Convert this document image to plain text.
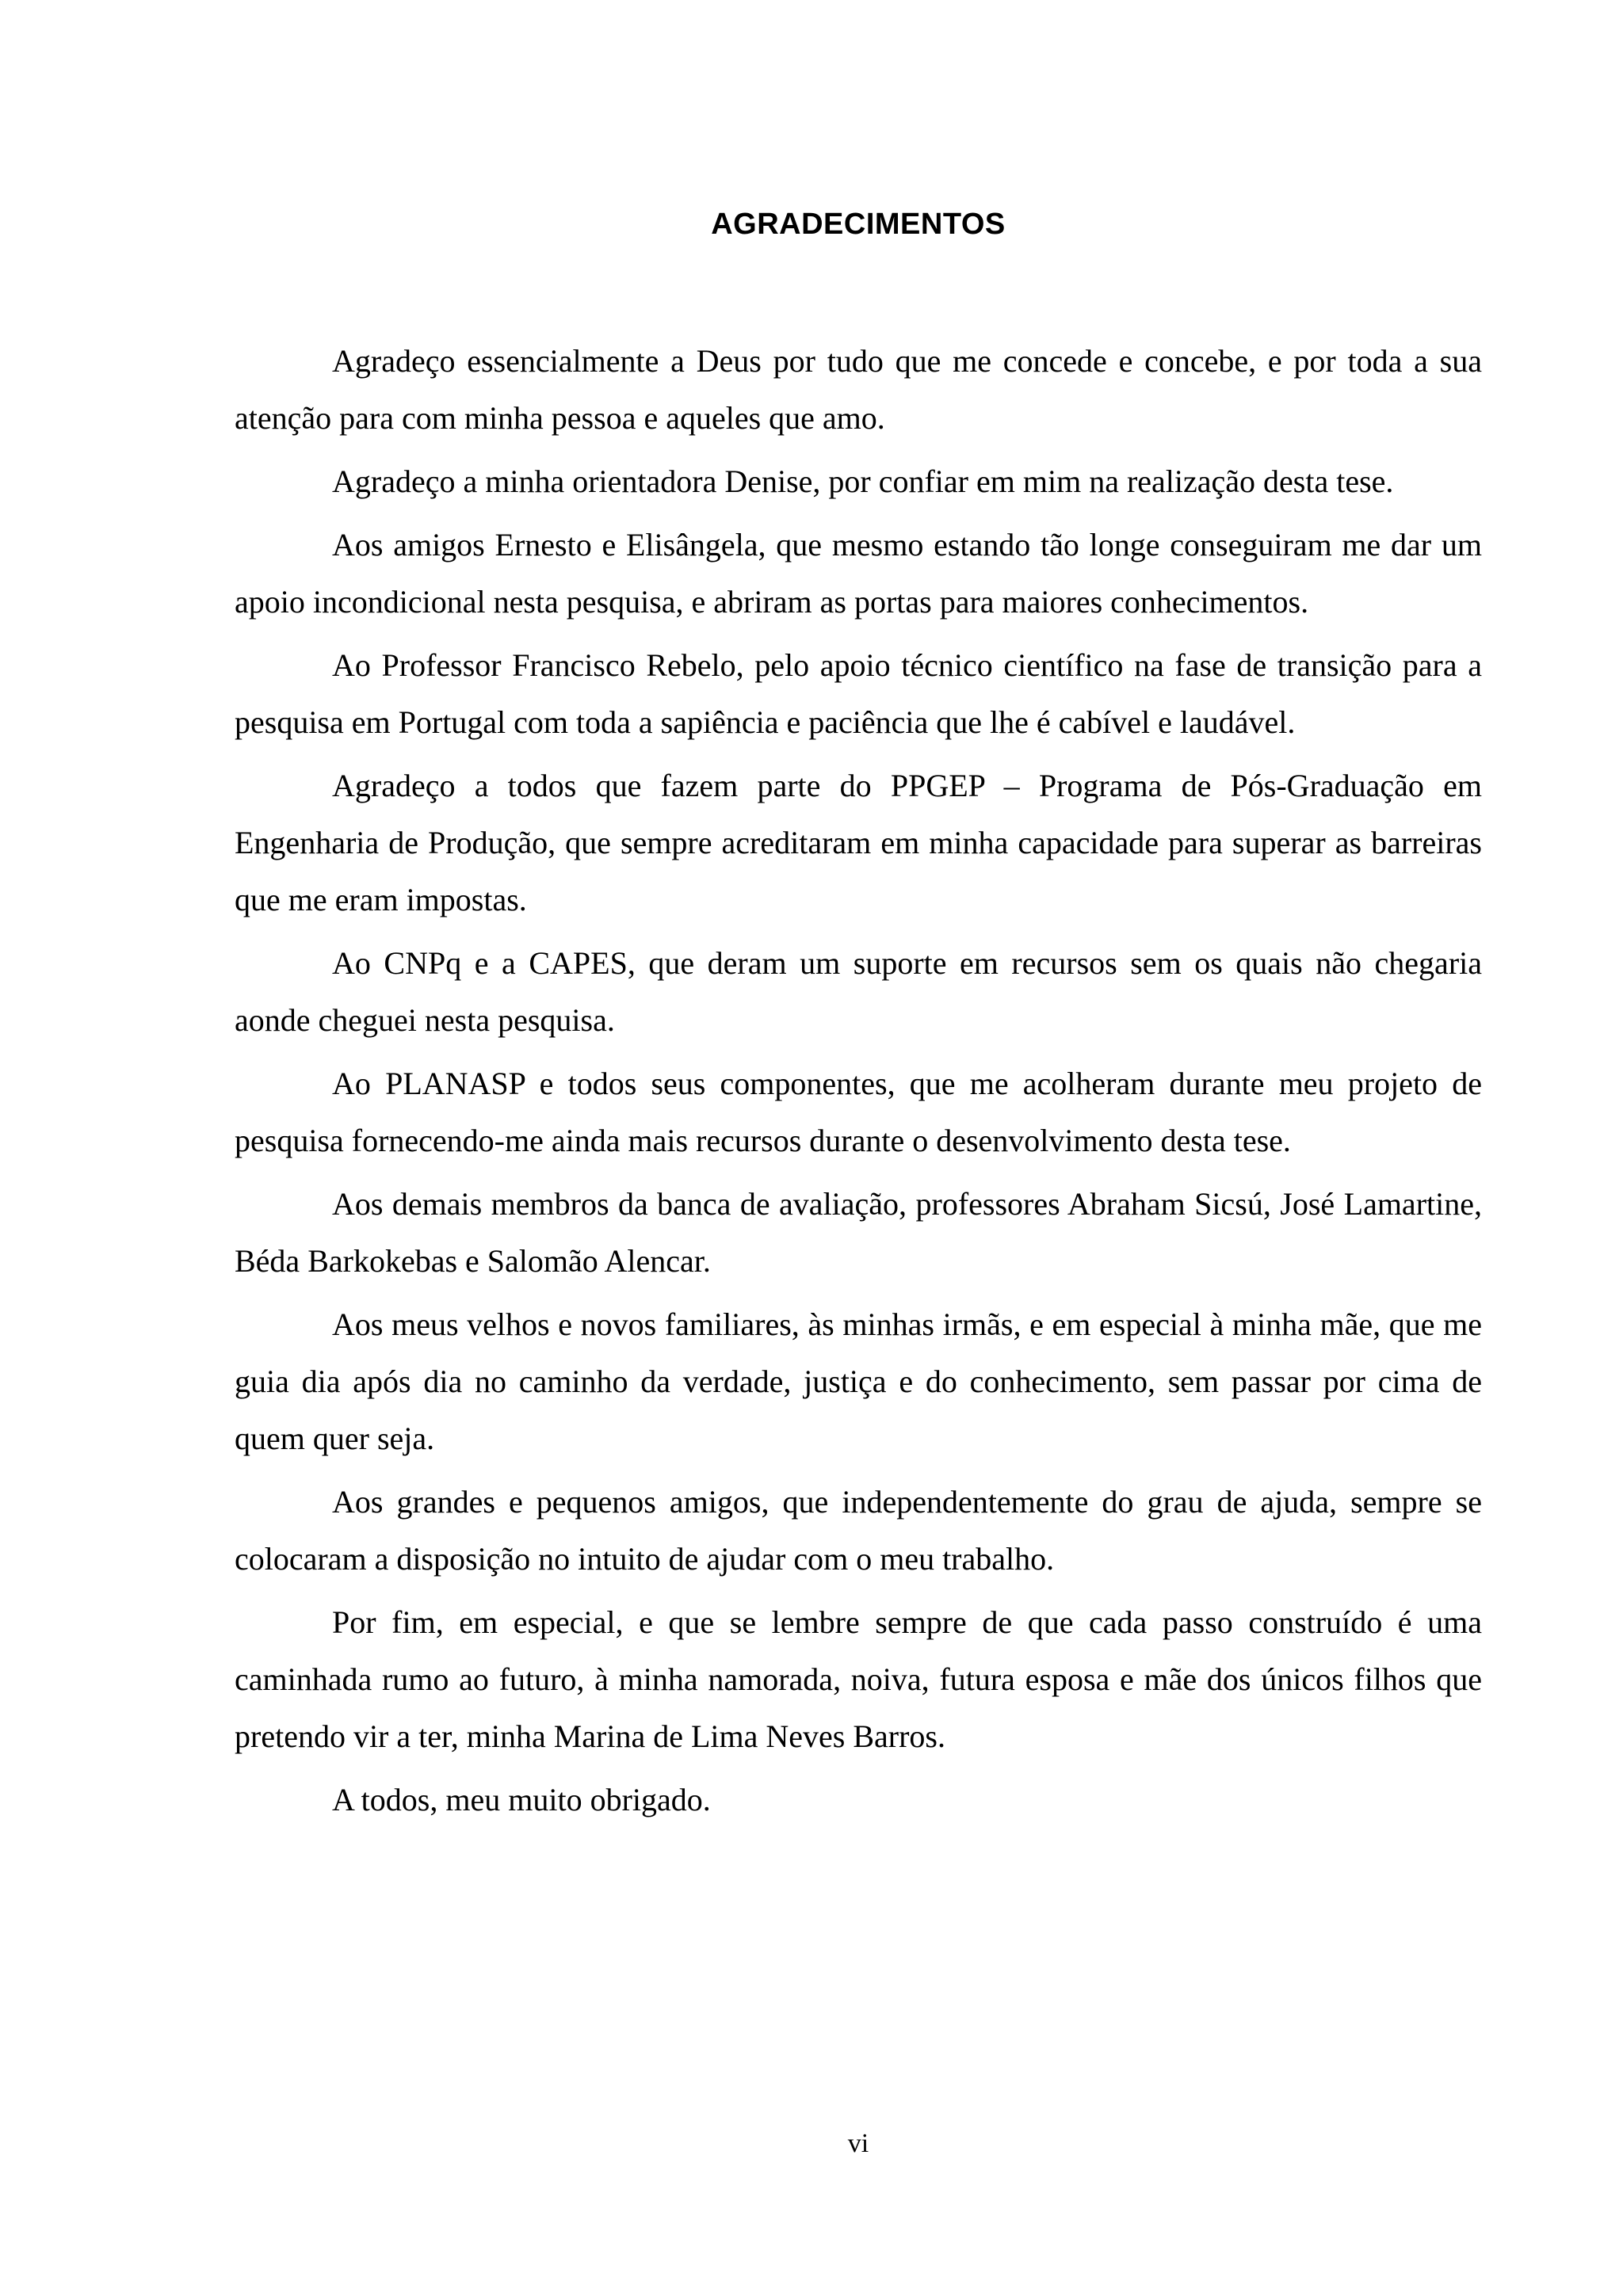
AGRADECIMENTOS

Agradeço essencialmente a Deus por tudo que me concede e concebe, e por toda a sua atenção para com minha pessoa e aqueles que amo.

Agradeço a minha orientadora Denise, por confiar em mim na realização desta tese.

Aos amigos Ernesto e Elisângela, que mesmo estando tão longe conseguiram me dar um apoio incondicional nesta pesquisa, e abriram as portas para maiores conhecimentos.

Ao Professor Francisco Rebelo, pelo apoio técnico científico na fase de transição para a pesquisa em Portugal com toda a sapiência e paciência que lhe é cabível e laudável.

Agradeço a todos que fazem parte do PPGEP – Programa de Pós-Graduação em Engenharia de Produção, que sempre acreditaram em minha capacidade para superar as barreiras que me eram impostas.

Ao CNPq e a CAPES, que deram um suporte em recursos sem os quais não chegaria aonde cheguei nesta pesquisa.

Ao PLANASP e todos seus componentes, que me acolheram durante meu projeto de pesquisa fornecendo-me ainda mais recursos durante o desenvolvimento desta tese.

Aos demais membros da banca de avaliação, professores Abraham Sicsú, José Lamartine, Béda Barkokebas e Salomão Alencar.

Aos meus velhos e novos familiares, às minhas irmãs, e em especial à minha mãe, que me guia dia após dia no caminho da verdade, justiça e do conhecimento, sem passar por cima de quem quer seja.

Aos grandes e pequenos amigos, que independentemente do grau de ajuda, sempre se colocaram a disposição no intuito de ajudar com o meu trabalho.

Por fim, em especial, e que se lembre sempre de que cada passo construído é uma caminhada rumo ao futuro, à minha namorada, noiva, futura esposa e mãe dos únicos filhos que pretendo vir a ter, minha Marina de Lima Neves Barros.

A todos, meu muito obrigado.

vi
